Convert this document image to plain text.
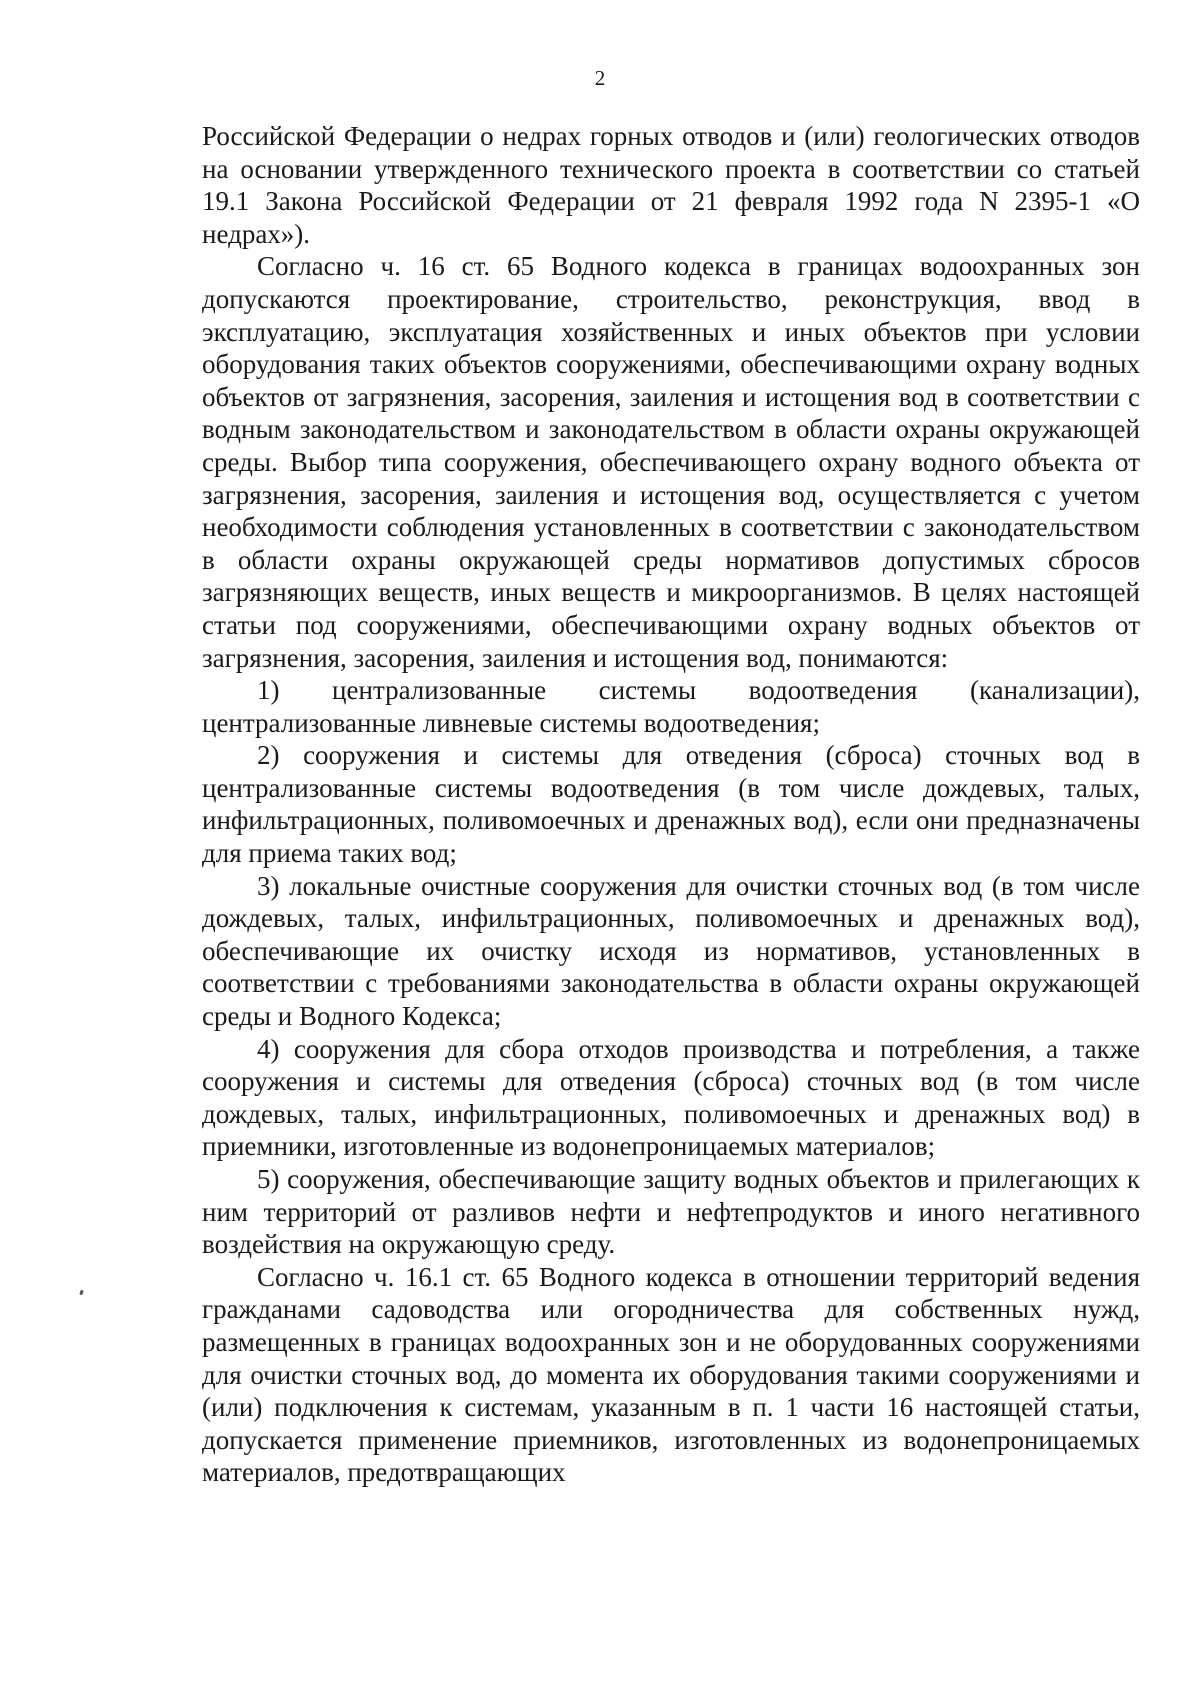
2

Российской Федерации о недрах горных отводов и (или) геологических отводов на основании утвержденного технического проекта в соответствии со статьей 19.1 Закона Российской Федерации от 21 февраля 1992 года N 2395-1 «О недрах»).

Согласно ч. 16 ст. 65 Водного кодекса в границах водоохранных зон допускаются проектирование, строительство, реконструкция, ввод в эксплуатацию, эксплуатация хозяйственных и иных объектов при условии оборудования таких объектов сооружениями, обеспечивающими охрану водных объектов от загрязнения, засорения, заиления и истощения вод в соответствии с водным законодательством и законодательством в области охраны окружающей среды. Выбор типа сооружения, обеспечивающего охрану водного объекта от загрязнения, засорения, заиления и истощения вод, осуществляется с учетом необходимости соблюдения установленных в соответствии с законодательством в области охраны окружающей среды нормативов допустимых сбросов загрязняющих веществ, иных веществ и микроорганизмов. В целях настоящей статьи под сооружениями, обеспечивающими охрану водных объектов от загрязнения, засорения, заиления и истощения вод, понимаются:

1) централизованные системы водоотведения (канализации), централизованные ливневые системы водоотведения;

2) сооружения и системы для отведения (сброса) сточных вод в централизованные системы водоотведения (в том числе дождевых, талых, инфильтрационных, поливомоечных и дренажных вод), если они предназначены для приема таких вод;

3) локальные очистные сооружения для очистки сточных вод (в том числе дождевых, талых, инфильтрационных, поливомоечных и дренажных вод), обеспечивающие их очистку исходя из нормативов, установленных в соответствии с требованиями законодательства в области охраны окружающей среды и Водного Кодекса;

4) сооружения для сбора отходов производства и потребления, а также сооружения и системы для отведения (сброса) сточных вод (в том числе дождевых, талых, инфильтрационных, поливомоечных и дренажных вод) в приемники, изготовленные из водонепроницаемых материалов;

5) сооружения, обеспечивающие защиту водных объектов и прилегающих к ним территорий от разливов нефти и нефтепродуктов и иного негативного воздействия на окружающую среду.

Согласно ч. 16.1 ст. 65 Водного кодекса в отношении территорий ведения гражданами садоводства или огородничества для собственных нужд, размещенных в границах водоохранных зон и не оборудованных сооружениями для очистки сточных вод, до момента их оборудования такими сооружениями и (или) подключения к системам, указанным в п. 1 части 16 настоящей статьи, допускается применение приемников, изготовленных из водонепроницаемых материалов, предотвращающих
